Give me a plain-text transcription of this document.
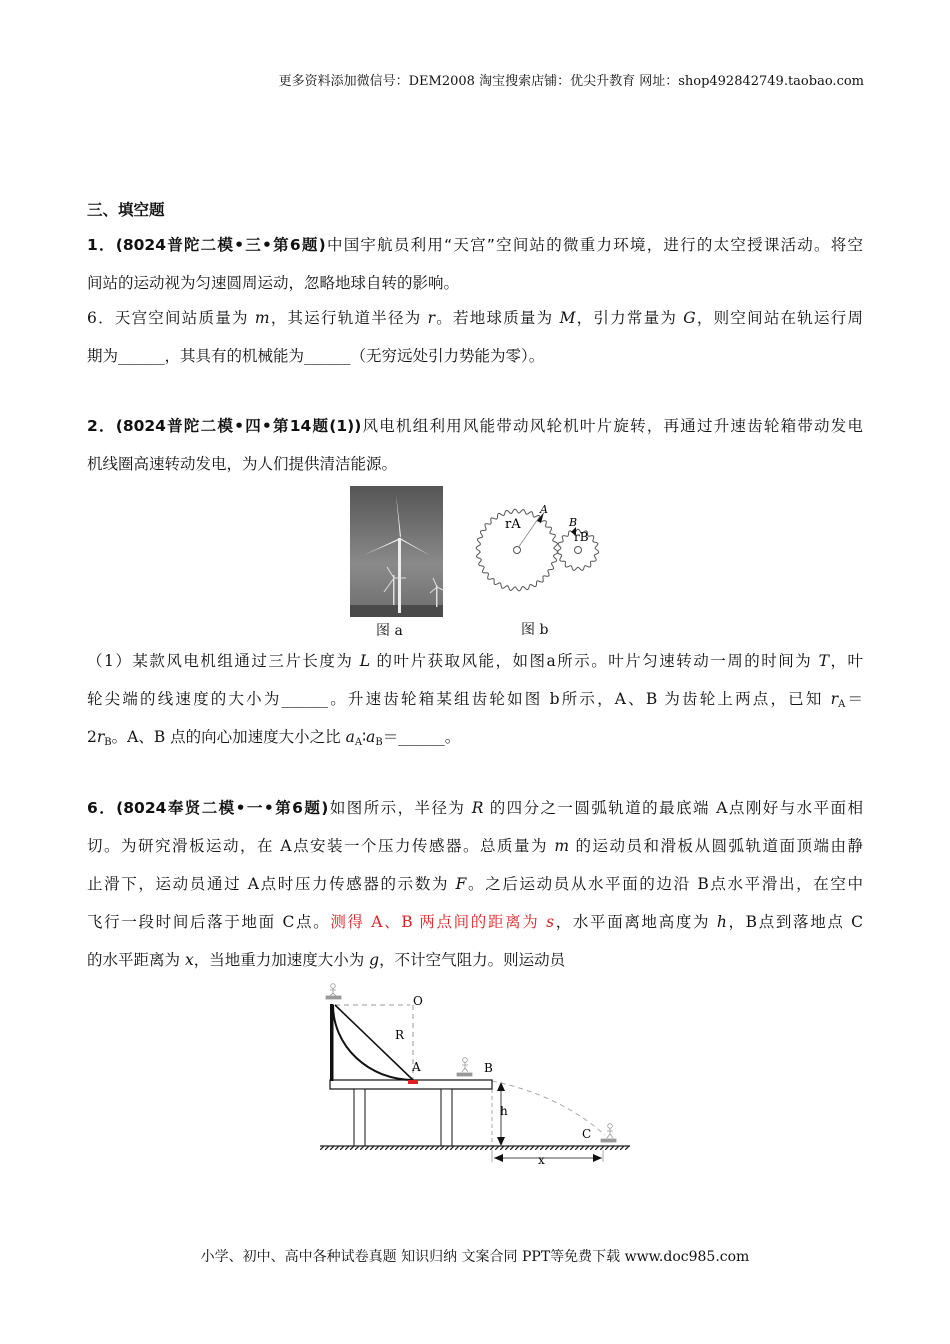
更多资料添加微信号：DEM2008 淘宝搜索店铺：优尖升教育 网址：shop492842749.taobao.com
三、填空题
1．(8024普陀二模•三•第6题)中国宇航员利用“天宫”空间站的微重力环境，进行的太空授课活动。将空
间站的运动视为匀速圆周运动，忽略地球自转的影响。
6．天宫空间站质量为 m，其运行轨道半径为 r。若地球质量为 M，引力常量为 G，则空间站在轨运行周
期为______，其具有的机械能为______（无穷远处引力势能为零）。
2．(8024普陀二模•四•第14题(1))风电机组利用风能带动风轮机叶片旋转，再通过升速齿轮箱带动发电
机线圈高速转动发电，为人们提供清洁能源。
（1）某款风电机组通过三片长度为 L 的叶片获取风能，如图a所示。叶片匀速转动一周的时间为 T，叶
轮尖端的线速度的大小为______。升速齿轮箱某组齿轮如图 b所示，A、B 为齿轮上两点，已知 $r_A=$
$2r_B$。A、B 点的向心加速度大小之比 $a_A∶a_B=\_\_\_\_\_\_$。
6．(8024奉贤二模•一•第6题)如图所示，半径为 R 的四分之一圆弧轨道的最底端 A点刚好与水平面相
切。为研究滑板运动，在 A点安装一个压力传感器。总质量为 m 的运动员和滑板从圆弧轨道面顶端由静
止滑下，运动员通过 A点时压力传感器的示数为 F。之后运动员从水平面的边沿 B点水平滑出，在空中
飞行一段时间后落于地面 C点。测得 A、B 两点间的距离为 s，水平面离地高度为 h，B点到落地点 C
的水平距离为 x，当地重力加速度大小为 g，不计空气阻力。则运动员
rA
A
B
rB
O
R
A	B
h
C
x
图 a	图 b
小学、初中、高中各种试卷真题 知识归纳 文案合同 PPT等免费下载 www.doc985.com
